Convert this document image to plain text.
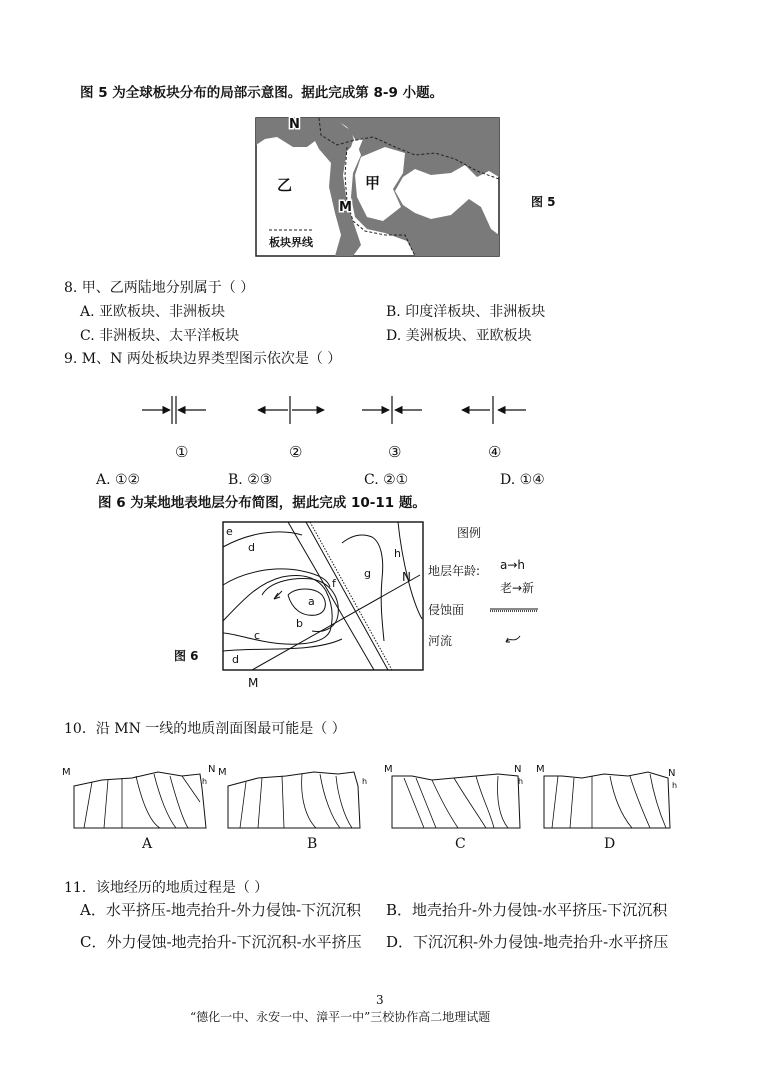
图 5 为全球板块分布的局部示意图。据此完成第 8-9 小题。
N
M
乙	甲
板块界线
图 5
8. 甲、乙两陆地分别属于（ ）
A. 亚欧板块、非洲板块	B. 印度洋板块、非洲板块
C. 非洲板块、太平洋板块	D. 美洲板块、亚欧板块
9. M、N 两处板块边界类型图示依次是（ ）
①	②	③	④
A. ①②	B. ②③	C. ②①	D. ①④
图 6 为某地地表地层分布简图，据此完成 10-11 题。
e
d
a
f
g
h
b
c
d
N
M
图 6
图例
地层年龄: a→h
老→新
侵蚀面
河流
10．沿 MN 一线的地质剖面图最可能是（ ）
M	N
h
M
h
M	N
h
M	N
h
A	B	C	D
11．该地经历的地质过程是（ ）
A．水平挤压-地壳抬升-外力侵蚀-下沉沉积 B．地壳抬升-外力侵蚀-水平挤压-下沉沉积
C．外力侵蚀-地壳抬升-下沉沉积-水平挤压 D．下沉沉积-外力侵蚀-地壳抬升-水平挤压
3
“德化一中、永安一中、漳平一中”三校协作高二地理试题
